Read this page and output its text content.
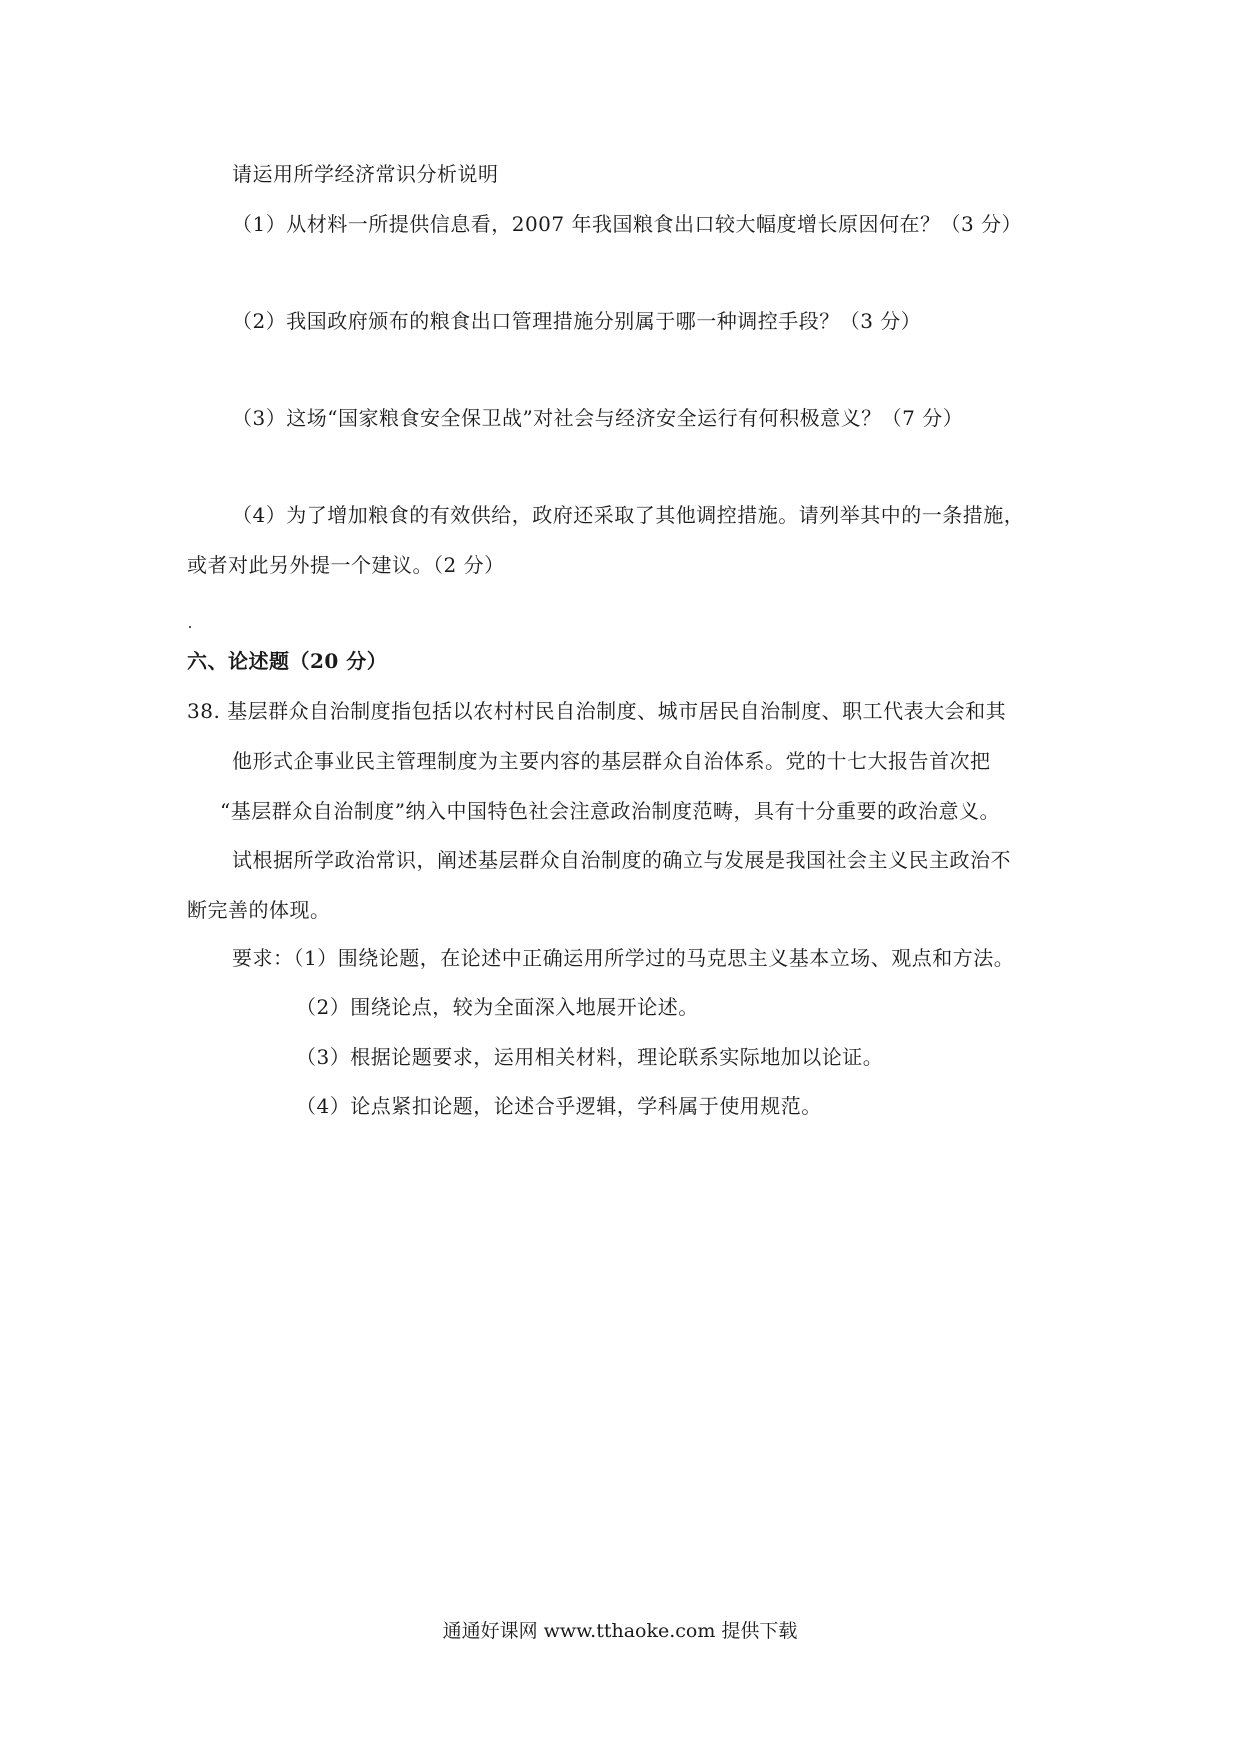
请运用所学经济常识分析说明
（1）从材料一所提供信息看，2007 年我国粮食出口较大幅度增长原因何在？（3 分）
（2）我国政府颁布的粮食出口管理措施分别属于哪一种调控手段？（3 分）
（3）这场“国家粮食安全保卫战”对社会与经济安全运行有何积极意义？（7 分）
（4）为了增加粮食的有效供给，政府还采取了其他调控措施。请列举其中的一条措施，
或者对此另外提一个建议。（2 分）
六、论述题（20 分）
38. 基层群众自治制度指包括以农村村民自治制度、城市居民自治制度、职工代表大会和其
他形式企事业民主管理制度为主要内容的基层群众自治体系。党的十七大报告首次把
“基层群众自治制度”纳入中国特色社会注意政治制度范畴，具有十分重要的政治意义。
试根据所学政治常识，阐述基层群众自治制度的确立与发展是我国社会主义民主政治不
断完善的体现。
要求：（1）围绕论题，在论述中正确运用所学过的马克思主义基本立场、观点和方法。
（2）围绕论点，较为全面深入地展开论述。
（3）根据论题要求，运用相关材料，理论联系实际地加以论证。
（4）论点紧扣论题，论述合乎逻辑，学科属于使用规范。
通通好课网 www.tthaoke.com 提供下载
